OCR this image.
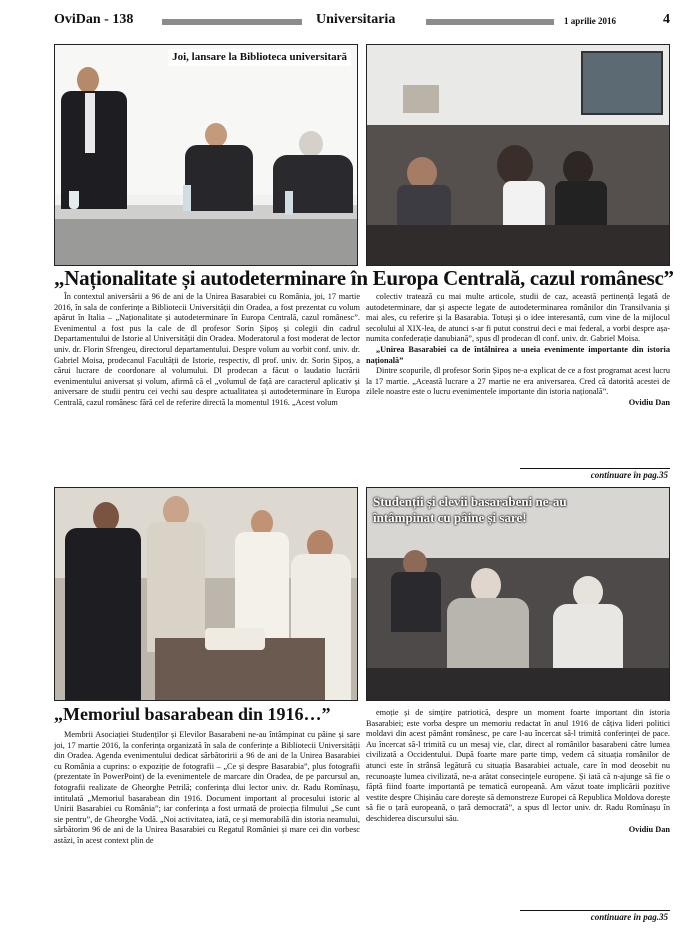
OviDan - 138	Universitaria	1 aprilie 2016	4
Joi, lansare la Biblioteca universitară
„Naționalitate și autodeterminare în Europa Centrală, cazul românesc”

În contextul aniversării a 96 de ani de la Unirea Basarabiei cu România, joi, 17 martie 2016, în sala de conferințe a Bibliotecii Universității din Oradea, a fost prezentat cu volum apărut în Italia – „Naționalitate și autodeterminare în Europa Centrală, cazul românesc”. Evenimentul a fost pus la cale de dl profesor Sorin Șipoș și colegii din cadrul Departamentului de Istorie al Universității din Oradea. Moderatorul a fost moderat de lector univ. dr. Florin Sfrengeu, directorul departamentului. Despre volum au vorbit conf. univ. dr. Gabriel Moisa, prodecanul Facultății de Istorie, respectiv, dl prof. univ. dr. Sorin Șipoș, a cărui lucrare de coordonare al volumului. Dl prodecan a făcut o laudatio lucrării evenimentului aniversat și volum, afirmă că el „volumul de față are caracterul aplicativ și aniversare de studii pentru cei vechi sau despre actualitatea și autodeterminare în Europa Centrală, cazul românesc fără cel de referire directă la momentul 1916. „Acest volum

colectiv tratează cu mai multe articole, studii de caz, această pertinență legată de autodeterminare, dar și aspecte legate de autodeterminarea românilor din Transilvania și mai ales, cu referire și la Basarabia. Totuși și o idee interesantă, cum vine de la mijlocul secolului al XIX-lea, de atunci s-ar fi putut construi deci e mai federal, a vorbi despre așa-numita confederație danubiană”, spus dl prodecan dl conf. univ. dr. Gabriel Moisa.

„Unirea Basarabiei ca de întâlnirea a uneia evenimente importante din istoria națională”

Dintre scopurile, dl profesor Sorin Șipoș ne-a explicat de ce a fost programat acest lucru la 17 martie. „Această lucrare a 27 martie ne era aniversarea. Cred că datorită acestei de zilele noastre este o lucru evenimentele importante din istoria națională”.

Ovidiu Dan
continuare în pag.35
Studenții și elevii basarabeni ne-au întâmpinat cu pâine și sare!
„Memoriul basarabean din 1916…”

Membrii Asociației Studenților și Elevilor Basarabeni ne-au întâmpinat cu pâine și sare joi, 17 martie 2016, la conferința organizată în sala de conferințe a Bibliotecii Universității din Oradea. Agenda evenimentului dedicat sărbătoririi a 96 de ani de la Unirea Basarabiei cu România a cuprins: o expoziție de fotografii – „Ce și despre Basarabia”, plus fotografii (prezentate în PowerPoint) de la evenimentele de marcare din Oradea, de pe parcursul an, fotografii realizate de Gheorghe Petrilă; conferința dlui lector univ. dr. Radu Romînașu, intitulată „Memoriul basarabean din 1916. Document important al procesului istoric al Unirii Basarabiei cu România”; iar conferința a fost urmată de proiecția filmului „Se cunt sie pentru”, de Gheorghe Vodă. „Noi activitatea, iată, ce și memorabilă din istoria neamului, sărbătorim 96 de ani de la Unirea Basarabiei cu Regatul României și mare cei din vorbesc astăzi, în acest context plin de

emoție și de simțire patriotică, despre un moment foarte important din istoria Basarabiei; este vorba despre un memoriu redactat în anul 1916 de câțiva lideri politici moldavi din acest pământ românesc, pe care l-au încercat să-l trimită conferinței de pace. Au încercat să-l trimită cu un mesaj vie, clar, direct al românilor basarabeni către lumea civilizată a Occidentului. După foarte mare parte timp, vedem că situația românilor de atunci este în strânsă legătură cu situația Basarabiei actuale, care în mod deosebit nu recunoaște lumea civilizată, ne-a arătat consecințele europene. Și iată că n-ajunge să fie o făptă fiind foarte importantă pe tematică europeană. Am văzut toate implicării pozitive vestite despre Chișinău care dorește să demonstreze Europei că Republica Moldova dorește să fie o țară europeană, o țară democrată”, a spus dl lector univ. dr. Radu Romînașu în deschiderea discursului său.

Ovidiu Dan
continuare în pag.35
